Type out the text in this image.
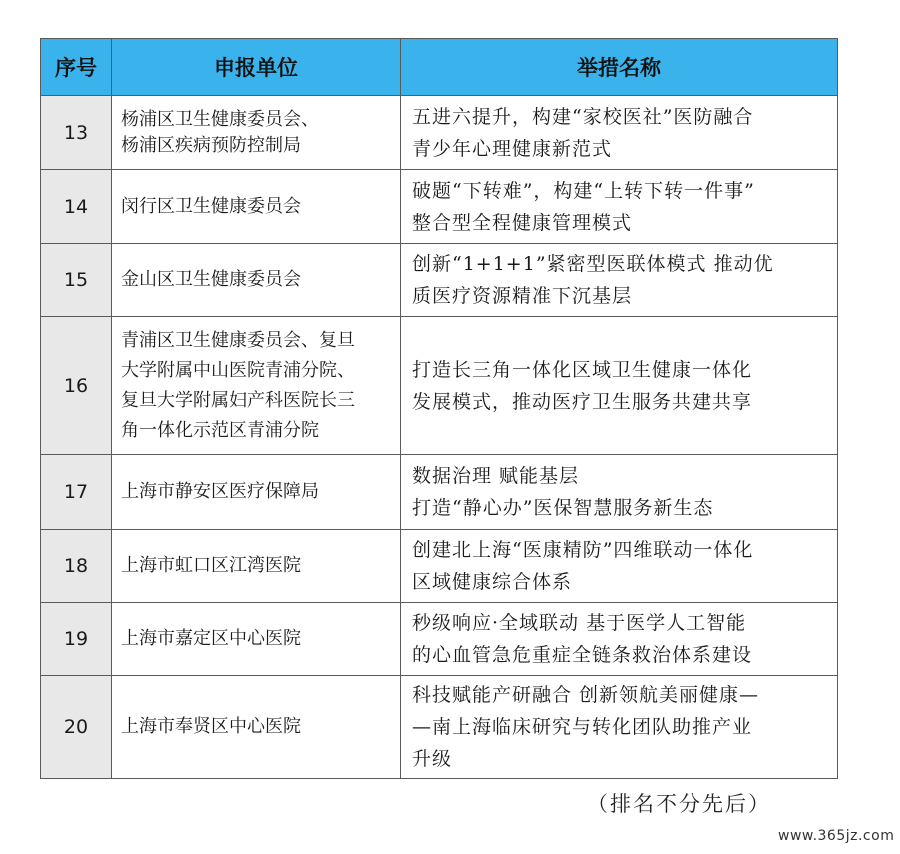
序号	申报单位	举措名称
13	杨浦区卫生健康委员会、
杨浦区疾病预防控制局	五进六提升，构建“家校医社”医防融合
青少年心理健康新范式

14	闵行区卫生健康委员会	破题“下转难”，构建“上转下转一件事”
整合型全程健康管理模式

15	金山区卫生健康委员会	创新“1+1+1”紧密型医联体模式 推动优
质医疗资源精准下沉基层

16	青浦区卫生健康委员会、复旦
大学附属中山医院青浦分院、
复旦大学附属妇产科医院长三
角一体化示范区青浦分院	打造长三角一体化区域卫生健康一体化
发展模式，推动医疗卫生服务共建共享

17	上海市静安区医疗保障局	数据治理 赋能基层
打造“静心办”医保智慧服务新生态

18	上海市虹口区江湾医院	创建北上海“医康精防”四维联动一体化
区域健康综合体系

19	上海市嘉定区中心医院	秒级响应·全域联动 基于医学人工智能
的心血管急危重症全链条救治体系建设

20	上海市奉贤区中心医院	科技赋能产研融合 创新领航美丽健康—
—南上海临床研究与转化团队助推产业
升级
（排名不分先后）
www.365jz.com
